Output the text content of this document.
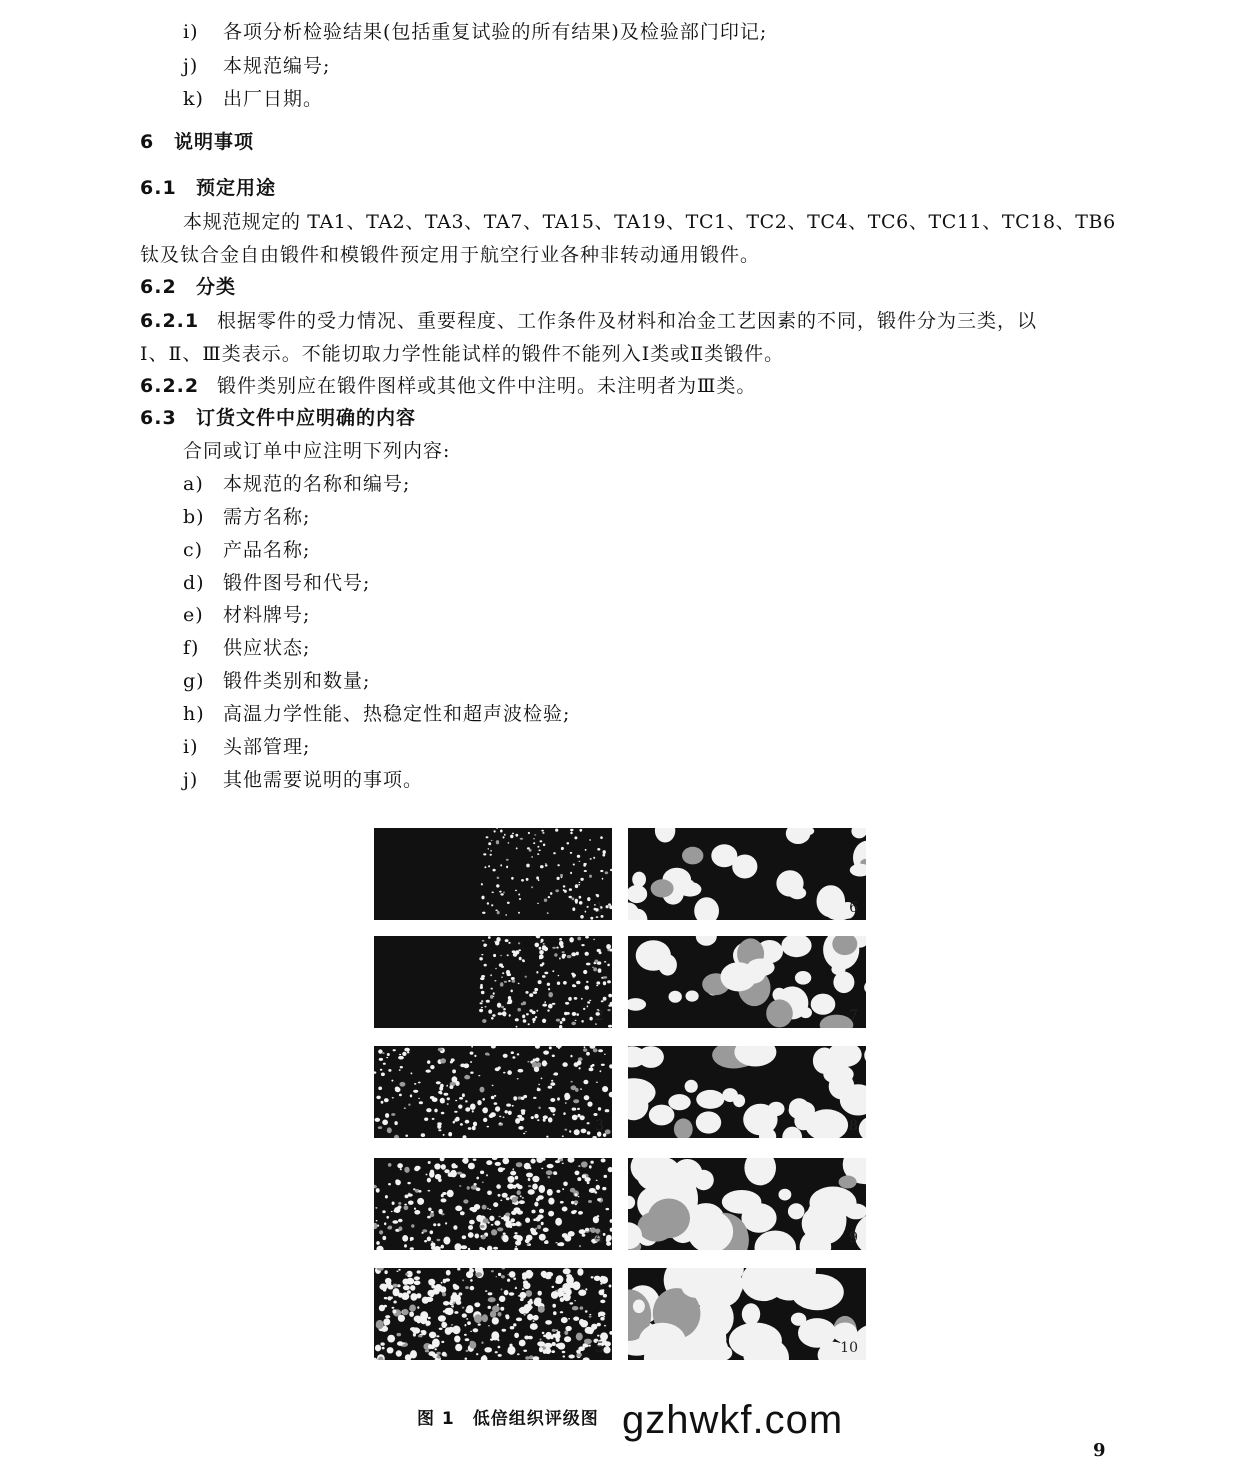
i) 各项分析检验结果(包括重复试验的所有结果)及检验部门印记;
j) 本规范编号;
k) 出厂日期。
6 说明事项
6.1 预定用途
本规范规定的 TA1、TA2、TA3、TA7、TA15、TA19、TC1、TC2、TC4、TC6、TC11、TC18、TB6
钛及钛合金自由锻件和模锻件预定用于航空行业各种非转动通用锻件。
6.2 分类
6.2.1 根据零件的受力情况、重要程度、工作条件及材料和冶金工艺因素的不同，锻件分为三类，以
Ⅰ、Ⅱ、Ⅲ类表示。不能切取力学性能试样的锻件不能列入Ⅰ类或Ⅱ类锻件。
6.2.2 锻件类别应在锻件图样或其他文件中注明。未注明者为Ⅲ类。
6.3 订货文件中应明确的内容
合同或订单中应注明下列内容:
a) 本规范的名称和编号;
b) 需方名称;
c) 产品名称;
d) 锻件图号和代号;
e) 材料牌号;
f) 供应状态;
g) 锻件类别和数量;
h) 高温力学性能、热稳定性和超声波检验;
i) 头部管理;
j) 其他需要说明的事项。
1
2
3
4
5
6
7
8
9
10
图 1　低倍组织评级图 gzhwkf.com
9
